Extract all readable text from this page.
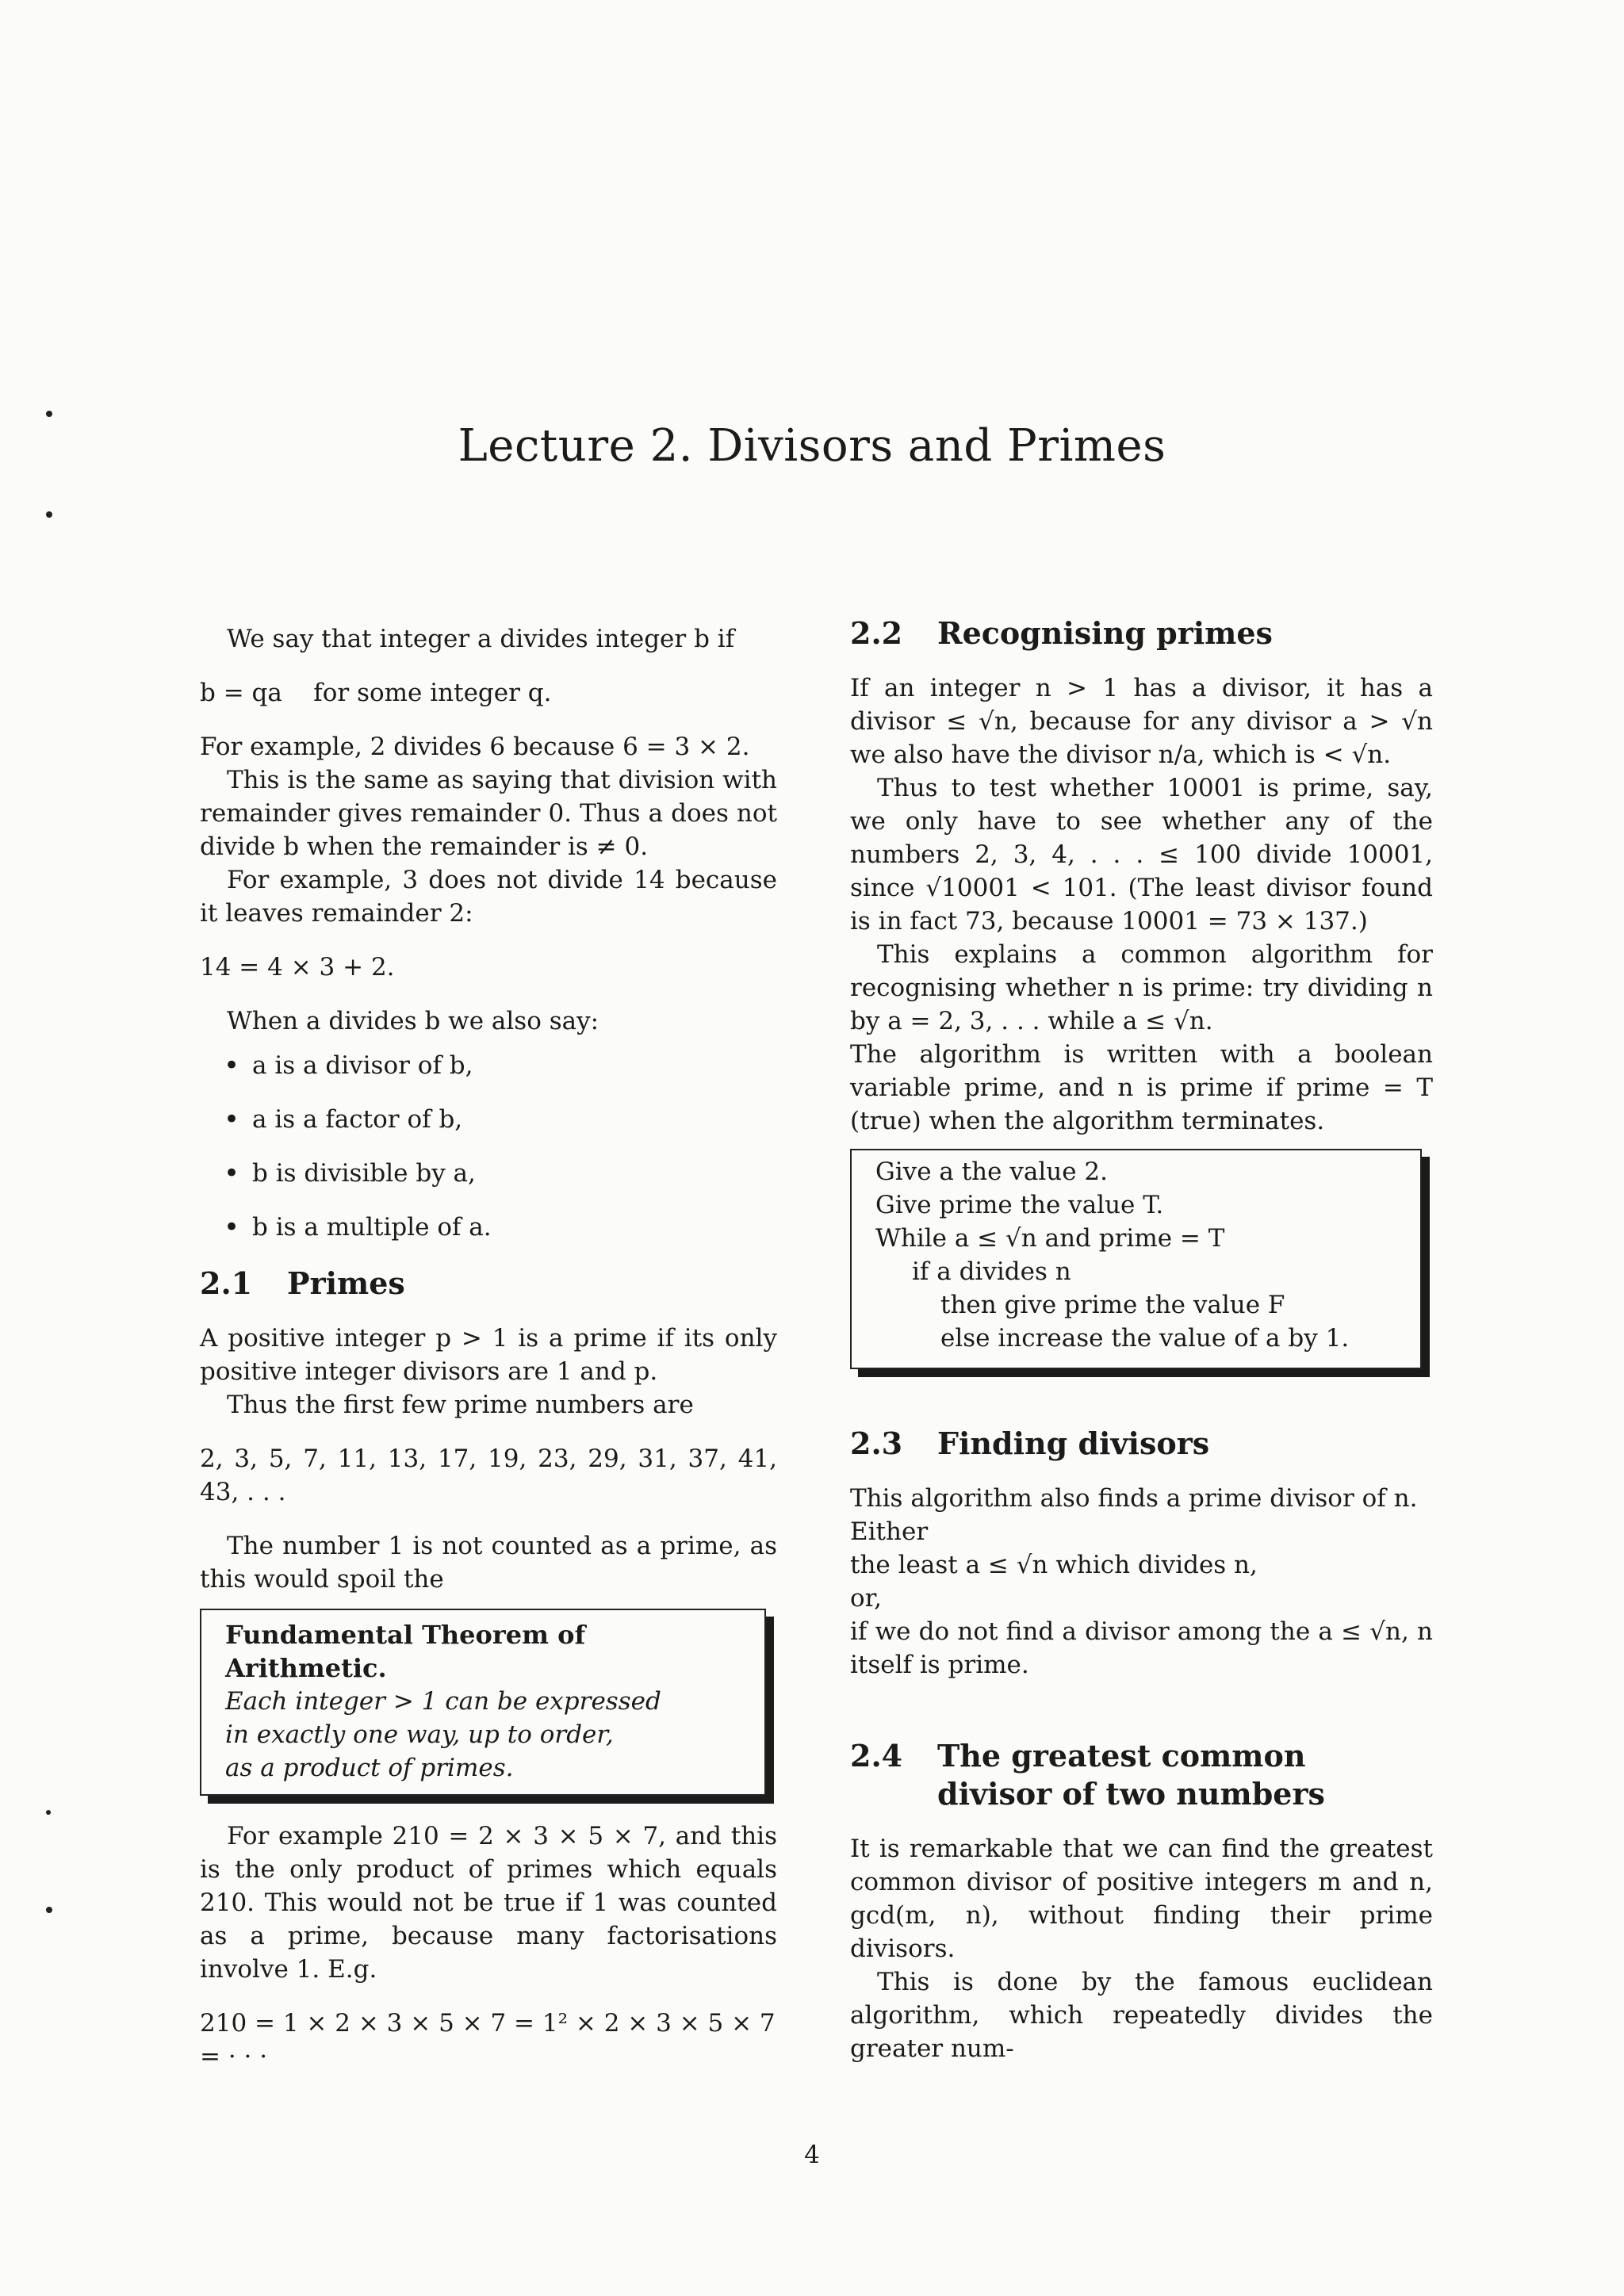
Lecture 2. Divisors and Primes

We say that integer a divides integer b if

b = qa    for some integer q.

For example, 2 divides 6 because 6 = 3 × 2.

This is the same as saying that division with remainder gives remainder 0. Thus a does not divide b when the remainder is ≠ 0.

For example, 3 does not divide 14 because it leaves remainder 2:

14 = 4 × 3 + 2.

When a divides b we also say:

• a is a divisor of b,
• a is a factor of b,
• b is divisible by a,
• b is a multiple of a.
2.1	Primes

A positive integer p > 1 is a prime if its only positive integer divisors are 1 and p.

Thus the first few prime numbers are

2, 3, 5, 7, 11, 13, 17, 19, 23, 29, 31, 37, 41, 43, . . .

The number 1 is not counted as a prime, as this would spoil the

Fundamental Theorem of Arithmetic.
Each integer > 1 can be expressed
in exactly one way, up to order,
as a product of primes.

For example 210 = 2 × 3 × 5 × 7, and this is the only product of primes which equals 210. This would not be true if 1 was counted as a prime, because many factorisations involve 1. E.g.

210 = 1 × 2 × 3 × 5 × 7 = 1² × 2 × 3 × 5 × 7 = · · ·

2.2	Recognising primes

If an integer n > 1 has a divisor, it has a divisor ≤ √n, because for any divisor a > √n we also have the divisor n/a, which is < √n.

Thus to test whether 10001 is prime, say, we only have to see whether any of the numbers 2, 3, 4, . . . ≤ 100 divide 10001, since √10001 < 101. (The least divisor found is in fact 73, because 10001 = 73 × 137.)

This explains a common algorithm for recognising whether n is prime: try dividing n by a = 2, 3, . . . while a ≤ √n.

The algorithm is written with a boolean variable prime, and n is prime if prime = T (true) when the algorithm terminates.

Give a the value 2.
Give prime the value T.
While a ≤ √n and prime = T
if a divides n
then give prime the value F
else increase the value of a by 1.
2.3	Finding divisors

This algorithm also finds a prime divisor of n.

Either

the least a ≤ √n which divides n,

or,

if we do not find a divisor among the a ≤ √n, n itself is prime.

2.4	The greatest common
divisor of two numbers

It is remarkable that we can find the greatest common divisor of positive integers m and n, gcd(m, n), without finding their prime divisors.

This is done by the famous euclidean algorithm, which repeatedly divides the greater num-

4
